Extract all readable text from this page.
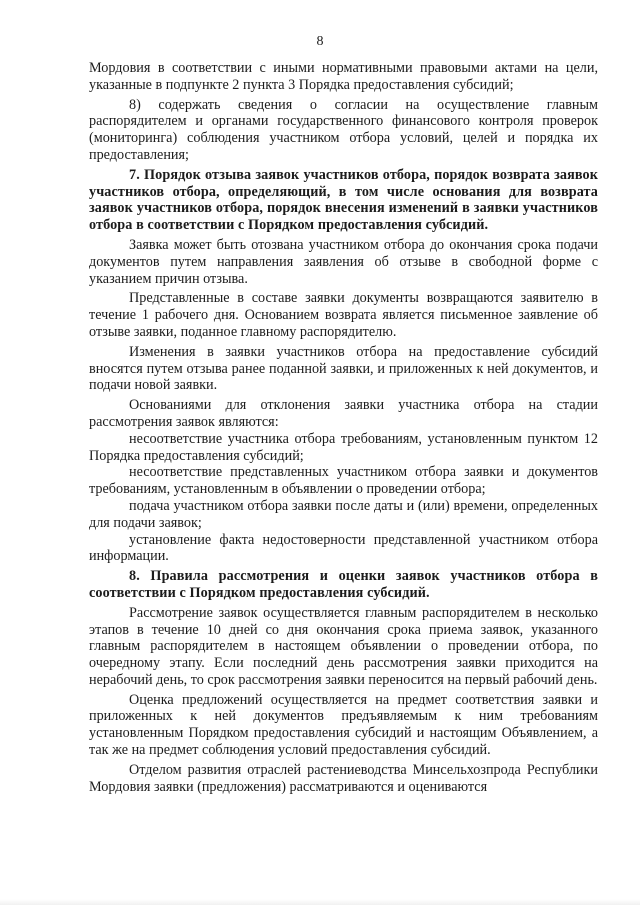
8

Мордовия в соответствии с иными нормативными правовыми актами на цели, указанные в подпункте 2 пункта 3 Порядка предоставления субсидий;

8) содержать сведения о согласии на осуществление главным распорядителем и органами государственного финансового контроля проверок (мониторинга) соблюдения участником отбора условий, целей и порядка их предоставления;

7. Порядок отзыва заявок участников отбора, порядок возврата заявок участников отбора, определяющий, в том числе основания для возврата заявок участников отбора, порядок внесения изменений в заявки участников отбора в соответствии с Порядком предоставления субсидий.

Заявка может быть отозвана участником отбора до окончания срока подачи документов путем направления заявления об отзыве в свободной форме с указанием причин отзыва.

Представленные в составе заявки документы возвращаются заявителю в течение 1 рабочего дня. Основанием возврата является письменное заявление об отзыве заявки, поданное главному распорядителю.

Изменения в заявки участников отбора на предоставление субсидий вносятся путем отзыва ранее поданной заявки, и приложенных к ней документов, и подачи новой заявки.

Основаниями для отклонения заявки участника отбора на стадии рассмотрения заявок являются:

несоответствие участника отбора требованиям, установленным пунктом 12 Порядка предоставления субсидий;

несоответствие представленных участником отбора заявки и документов требованиям, установленным в объявлении о проведении отбора;

подача участником отбора заявки после даты и (или) времени, определенных для подачи заявок;

установление факта недостоверности представленной участником отбора информации.

8. Правила рассмотрения и оценки заявок участников отбора в соответствии с Порядком предоставления субсидий.

Рассмотрение заявок осуществляется главным распорядителем в несколько этапов в течение 10 дней со дня окончания срока приема заявок, указанного главным распорядителем в настоящем объявлении о проведении отбора, по очередному этапу. Если последний день рассмотрения заявки приходится на нерабочий день, то срок рассмотрения заявки переносится на первый рабочий день.

Оценка предложений осуществляется на предмет соответствия заявки и приложенных к ней документов предъявляемым к ним требованиям установленным Порядком предоставления субсидий и настоящим Объявлением, а так же на предмет соблюдения условий предоставления субсидий.

Отделом развития отраслей растениеводства Минсельхозпрода Республики Мордовия заявки (предложения) рассматриваются и оцениваются
